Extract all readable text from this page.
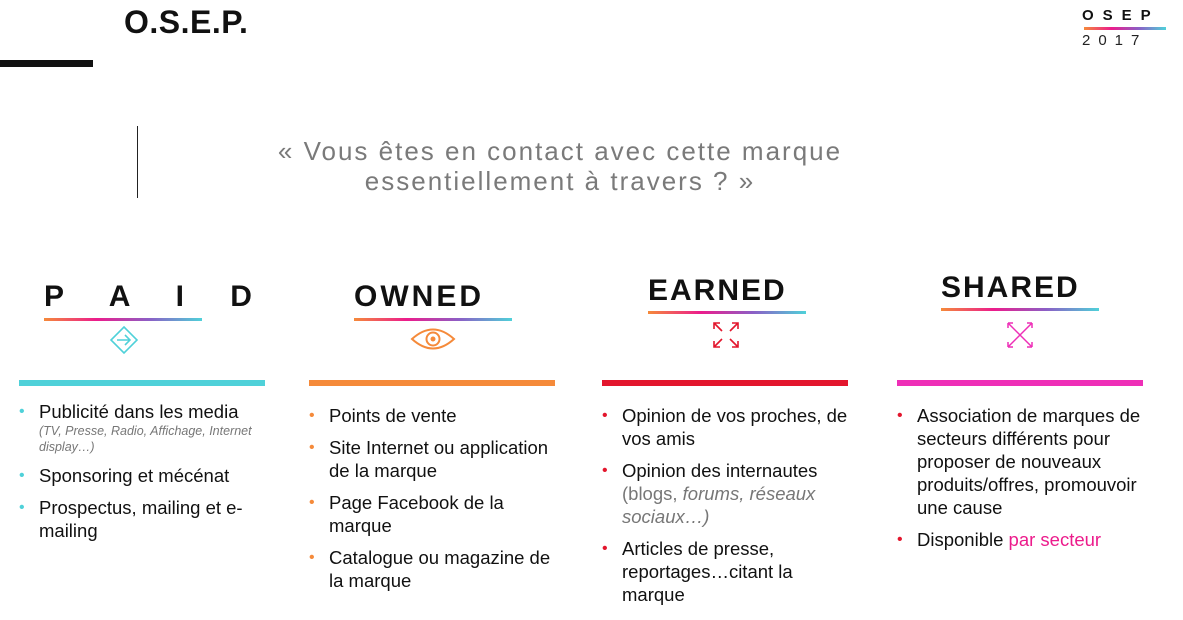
O.S.E.P.	OSEP
2017
« Vous êtes en contact avec cette marque
essentiellement à travers ? »
P A I D
• Publicité dans les media
(TV, Presse, Radio, Affichage, Internet display…)
• Sponsoring et mécénat
• Prospectus, mailing et e-mailing
OWNED
• Points de vente
• Site Internet ou application de la marque
• Page Facebook de la marque
• Catalogue ou magazine de la marque
EARNED
• Opinion de vos proches, de vos amis
• Opinion des internautes
(blogs, forums, réseaux sociaux…)
• Articles de presse, reportages…citant la marque
SHARED
• Association de marques de secteurs différents pour proposer de nouveaux produits/offres, promouvoir une cause
• Disponible par secteur
